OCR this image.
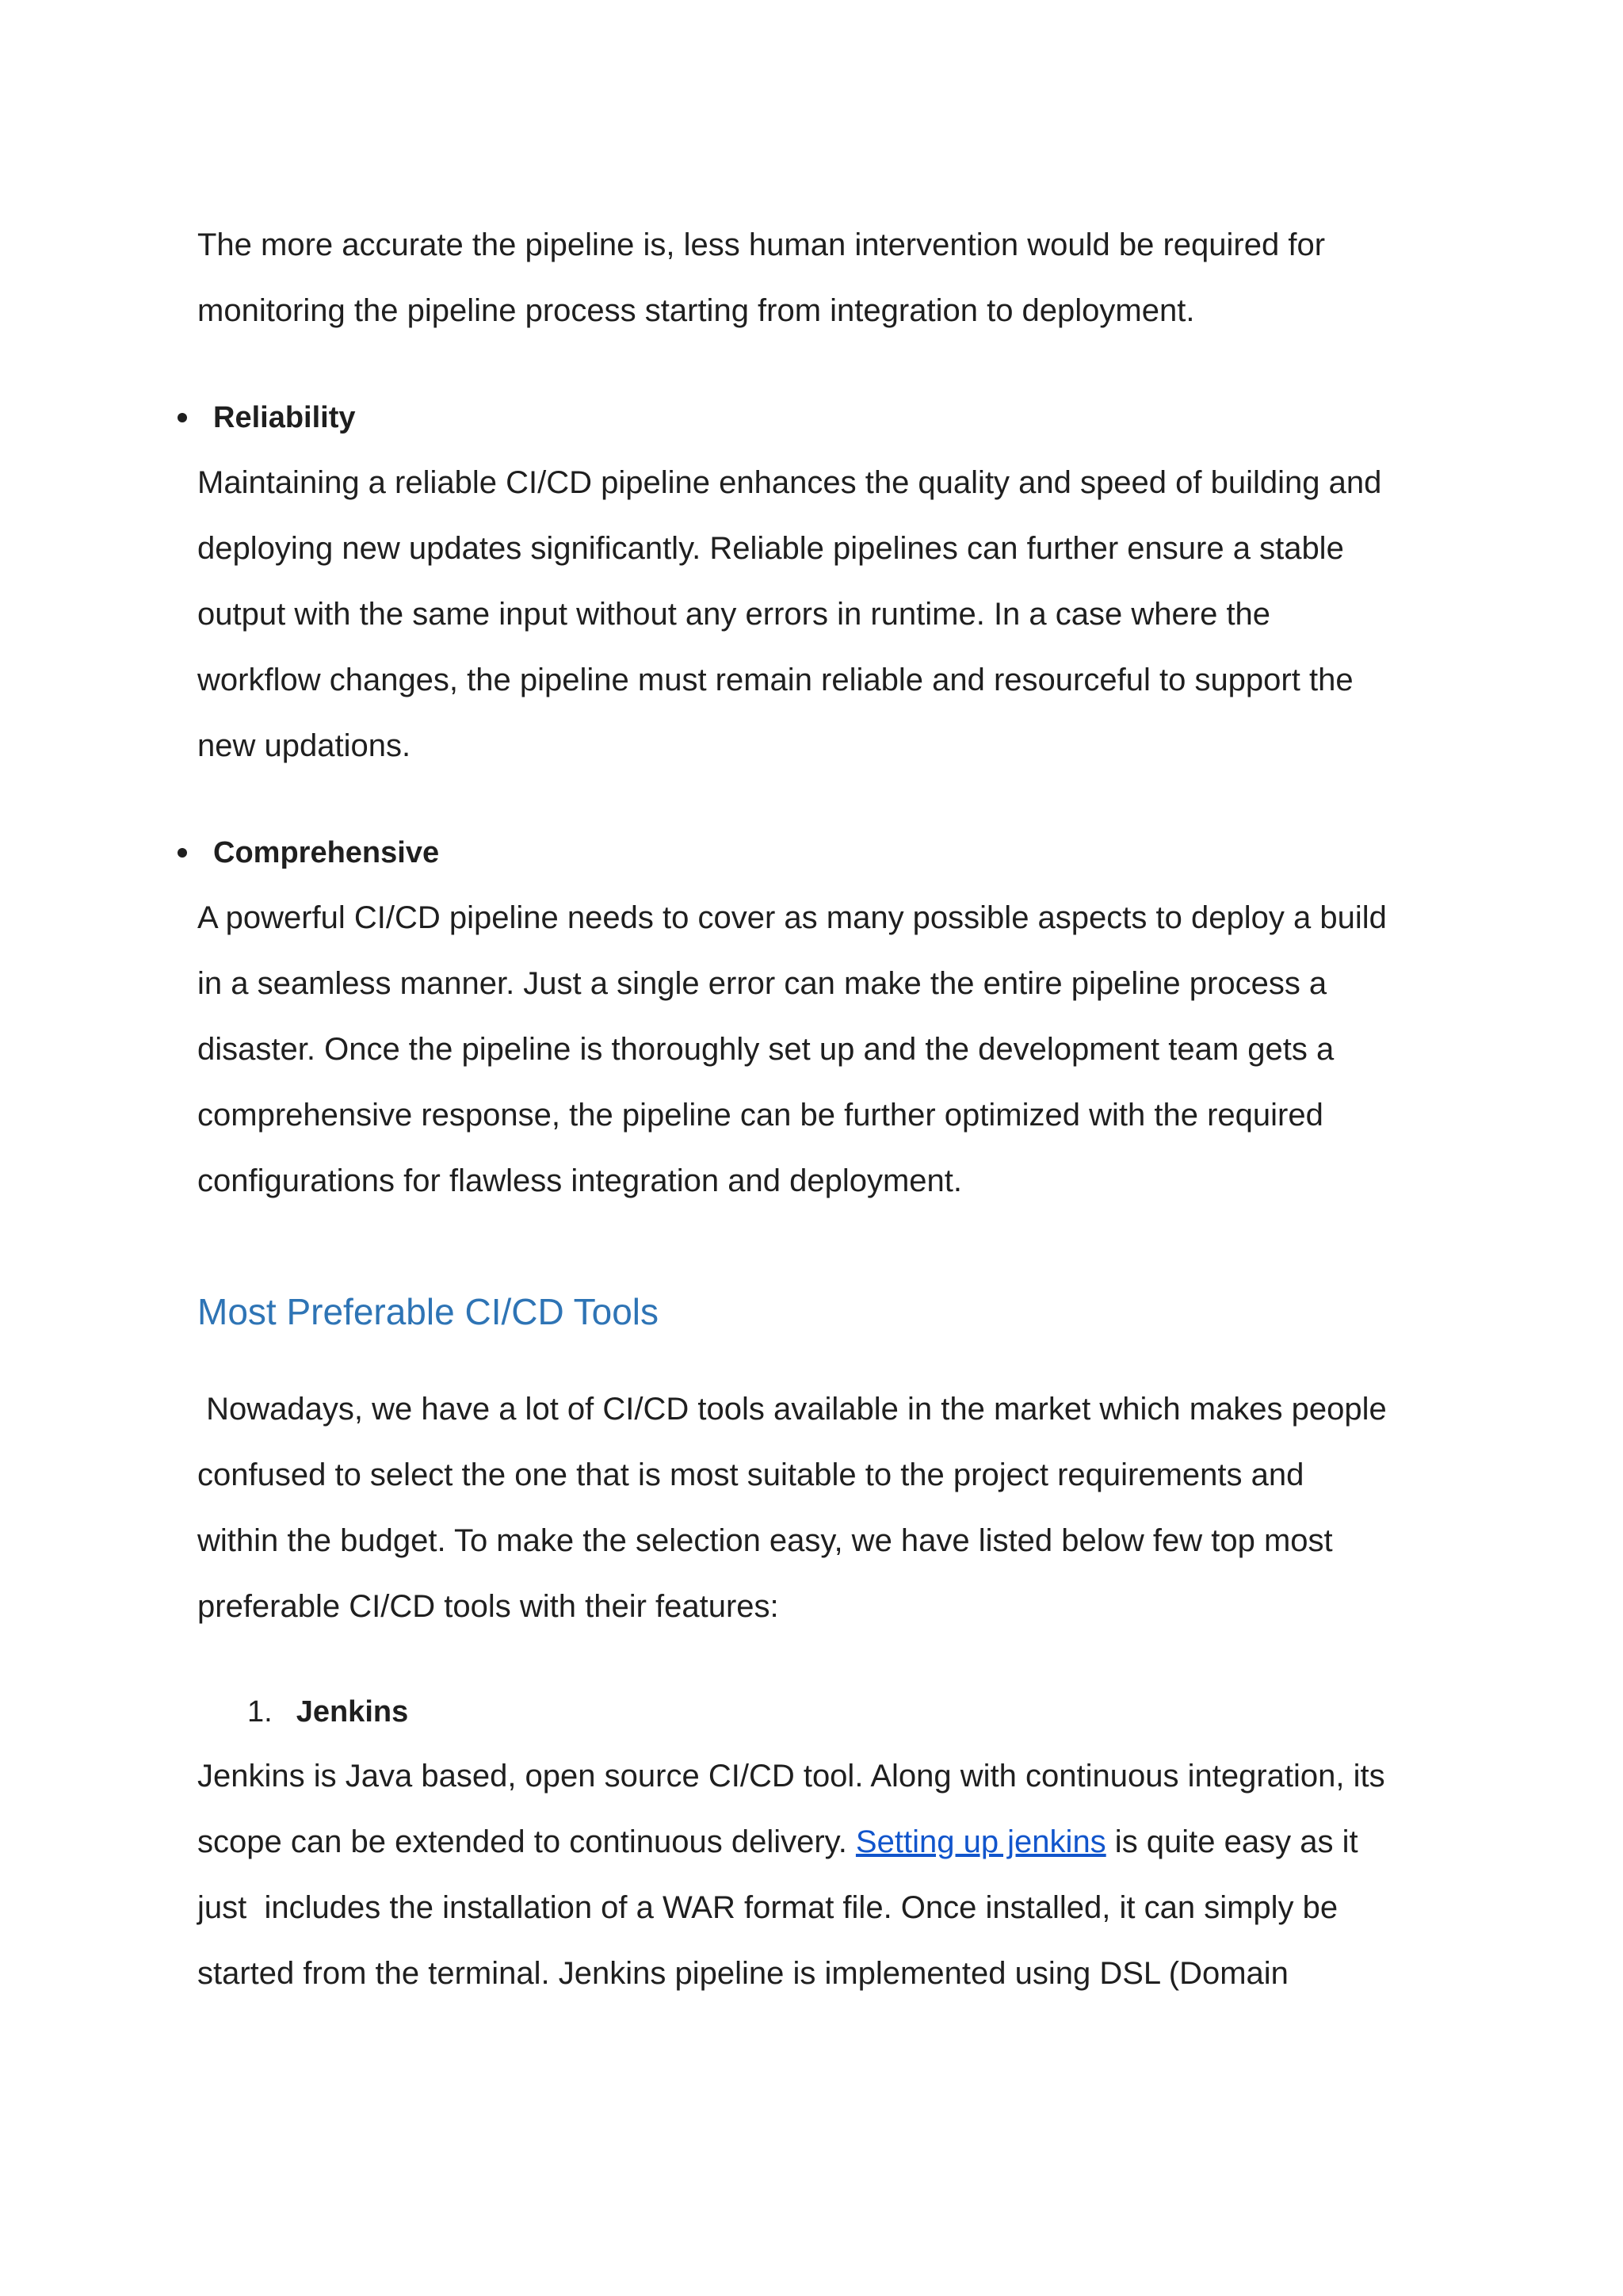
The more accurate the pipeline is, less human intervention would be required for
monitoring the pipeline process starting from integration to deployment.

Reliability

Maintaining a reliable CI/CD pipeline enhances the quality and speed of building and
deploying new updates significantly. Reliable pipelines can further ensure a stable
output with the same input without any errors in runtime. In a case where the
workflow changes, the pipeline must remain reliable and resourceful to support the
new updations.

Comprehensive

A powerful CI/CD pipeline needs to cover as many possible aspects to deploy a build
in a seamless manner. Just a single error can make the entire pipeline process a
disaster. Once the pipeline is thoroughly set up and the development team gets a
comprehensive response, the pipeline can be further optimized with the required
configurations for flawless integration and deployment.

Most Preferable CI/CD Tools

Nowadays, we have a lot of CI/CD tools available in the market which makes people
confused to select the one that is most suitable to the project requirements and
within the budget. To make the selection easy, we have listed below few top most
preferable CI/CD tools with their features:

1. Jenkins

Jenkins is Java based, open source CI/CD tool. Along with continuous integration, its
scope can be extended to continuous delivery. Setting up jenkins is quite easy as it
just  includes the installation of a WAR format file. Once installed, it can simply be
started from the terminal. Jenkins pipeline is implemented using DSL (Domain
